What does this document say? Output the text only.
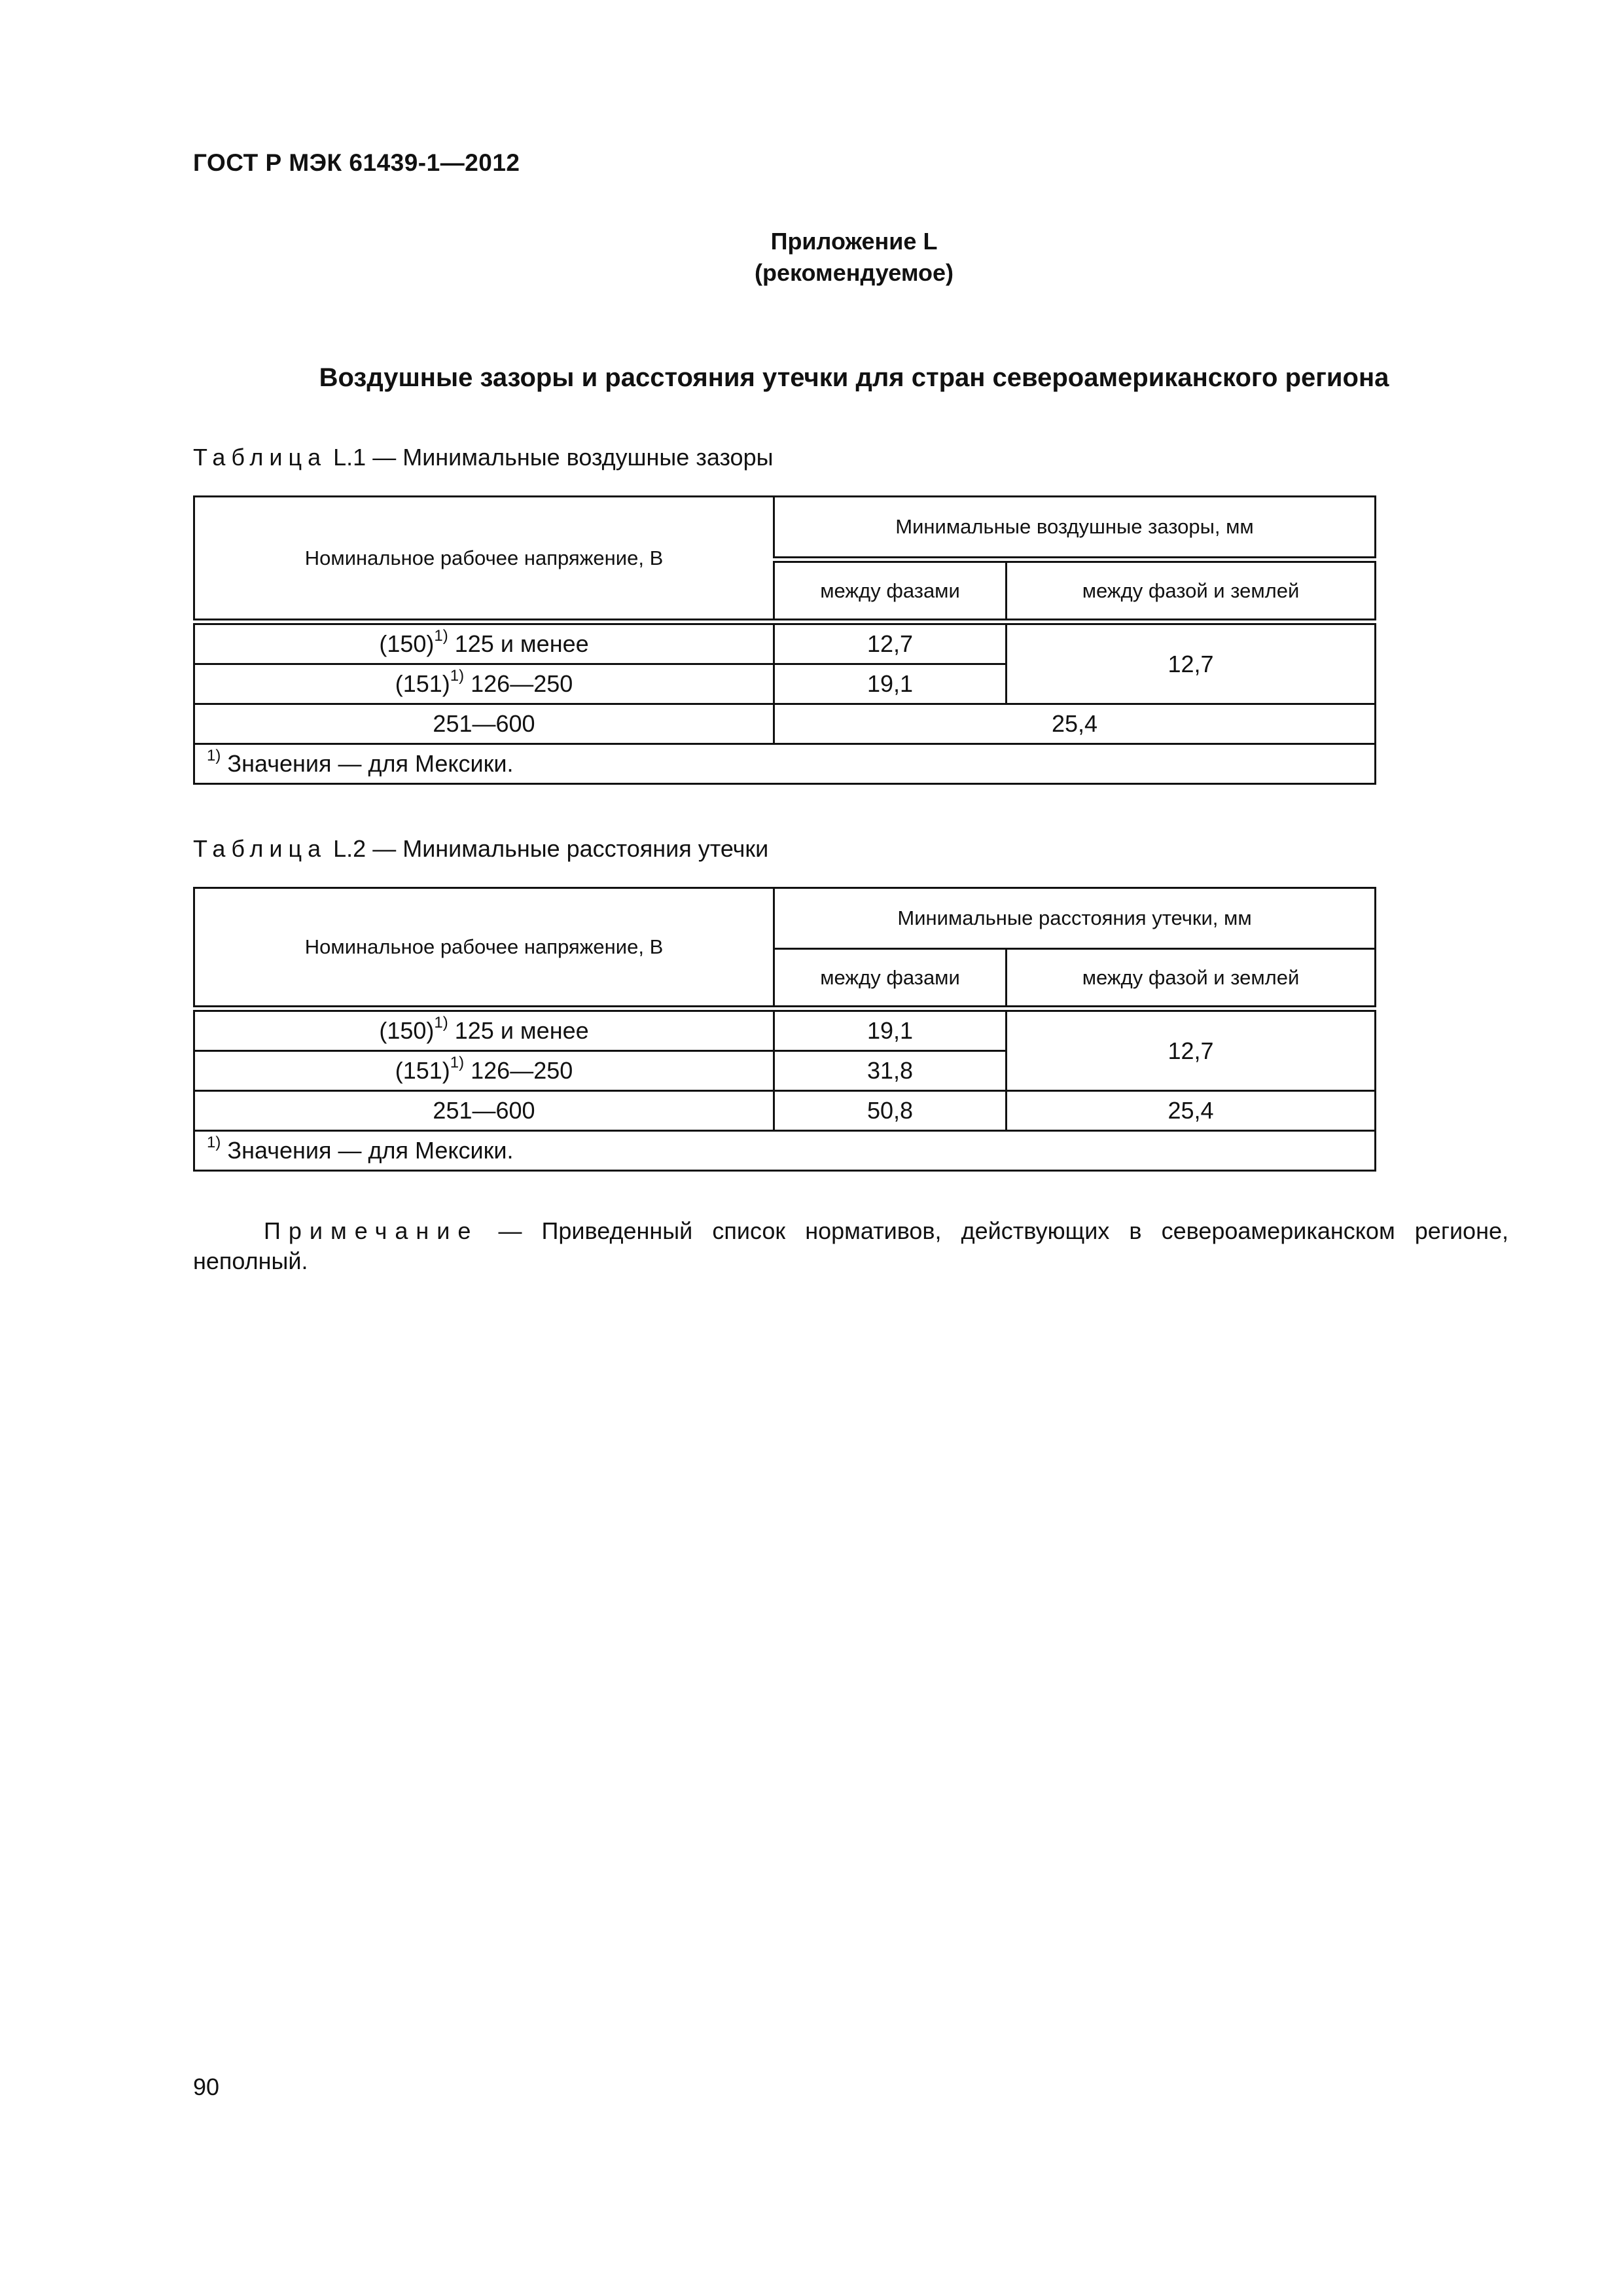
ГОСТ Р МЭК 61439-1—2012
Приложение L
(рекомендуемое)
Воздушные зазоры и расстояния утечки для стран североамериканского региона
Таблица L.1 — Минимальные воздушные зазоры
Номинальное рабочее напряжение, В	Минимальные воздушные зазоры, мм	
	между фазами	между фазой и землей
$(150)^{1)}$ 125 и менее	12,7	12,7
$(151)^{1)}$ 126—250	19,1	
251—600	25,4	
$^{1)}$ Значения — для Мексики.		
Таблица L.2 — Минимальные расстояния утечки
Номинальное рабочее напряжение, В	Минимальные расстояния утечки, мм	
	между фазами	между фазой и землей
$(150)^{1)}$ 125 и менее	19,1	12,7
$(151)^{1)}$ 126—250	31,8	
251—600	50,8	25,4
$^{1)}$ Значения — для Мексики.		
Примечание — Приведенный список нормативов, действующих в североамериканском регионе, неполный.
90
